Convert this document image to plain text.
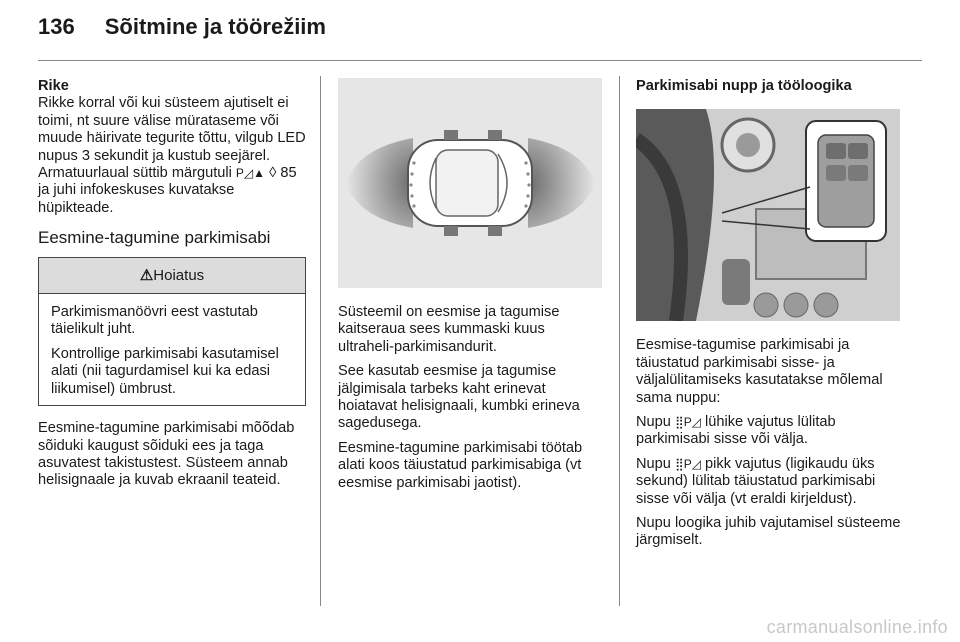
136 Sõitmine ja töörežiim

Rike
Rikke korral või kui süsteem ajutiselt ei toimi, nt suure välise mürataseme või muude häirivate tegurite tõttu, vilgub LED nupus 3 sekundit ja kustub seejärel. Armatuurlaual süttib märgutuli P◿▲ ◊ 85 ja juhi infokeskuses kuvatakse hüpikteade.

Eesmine-tagumine parkimisabi
⚠Hoiatus

Parkimismanöövri eest vastutab täielikult juht.

Kontrollige parkimisabi kasutamisel alati (nii tagurdamisel kui ka edasi liikumisel) ümbrust.

Eesmine-tagumine parkimisabi mõõdab sõiduki kaugust sõiduki ees ja taga asuvatest takistustest. Süsteem annab helisignaale ja kuvab ekraanil teateid.

Süsteemil on eesmise ja tagumise kaitseraua sees kummaski kuus ultraheli-parkimisandurit.

See kasutab eesmise ja tagumise jälgimisala tarbeks kaht erinevat hoiatavat helisignaali, kumbki erineva sagedusega.

Eesmine-tagumine parkimisabi töötab alati koos täiustatud parkimisabiga (vt eesmise parkimisabi jaotist).

Parkimisabi nupp ja tööloogika

Eesmise-tagumise parkimisabi ja täiustatud parkimisabi sisse- ja väljalülitamiseks kasutatakse mõlemal sama nuppu:

Nupu ⣿P◿ lühike vajutus lülitab parkimisabi sisse või välja.

Nupu ⣿P◿ pikk vajutus (ligikaudu üks sekund) lülitab täiustatud parkimisabi sisse või välja (vt eraldi kirjeldust).

Nupu loogika juhib vajutamisel süsteeme järgmiselt.

carmanualsonline.info
